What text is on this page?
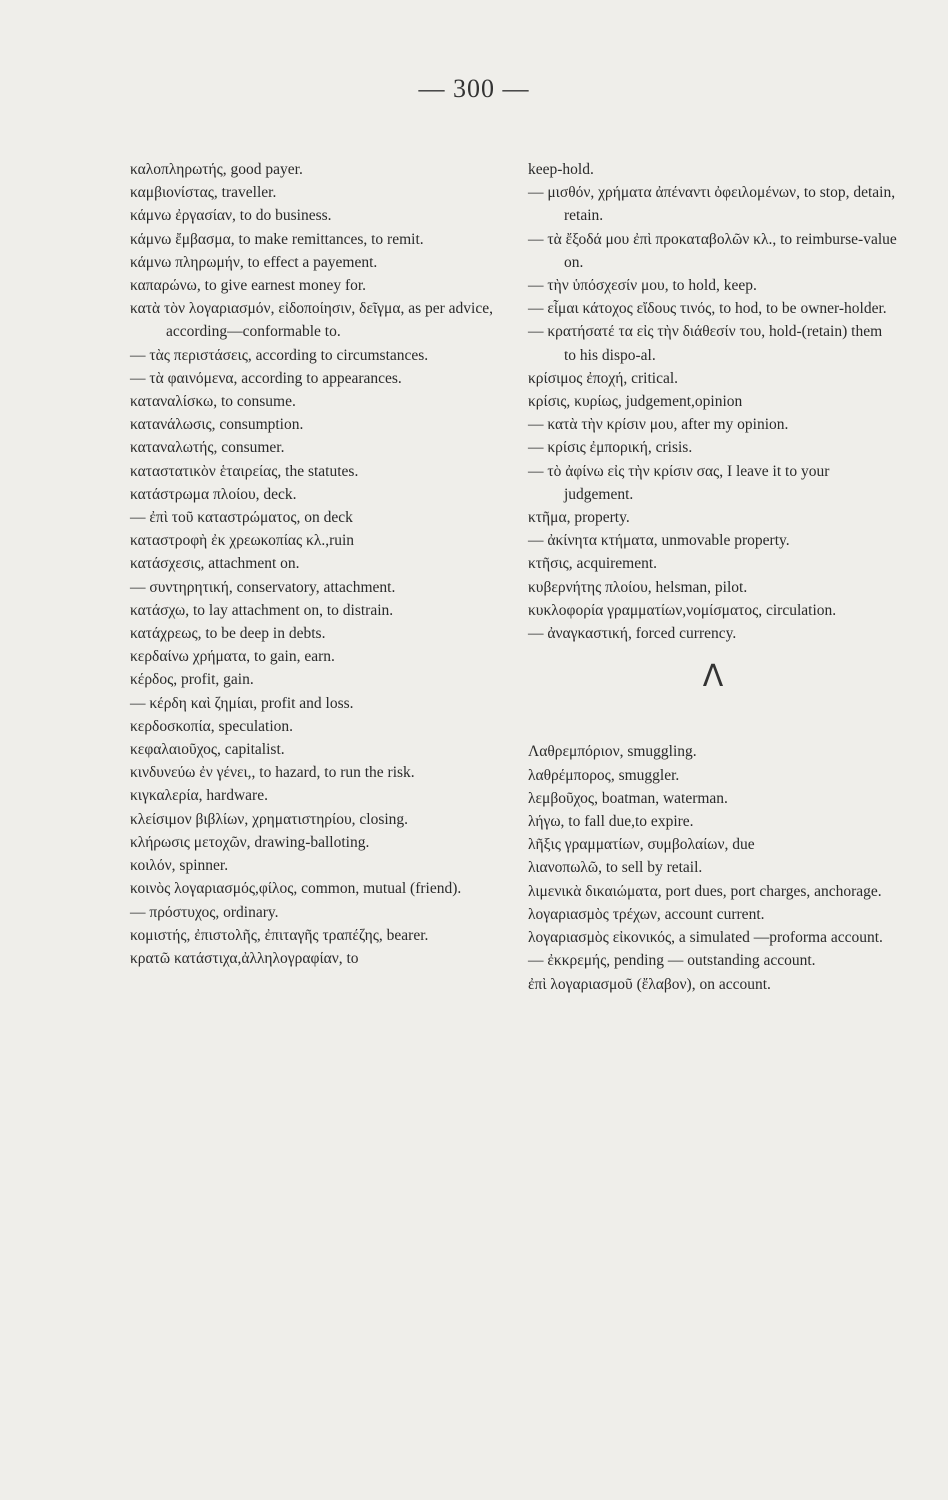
— 300 —

καλοπληρωτής, good payer.

καμβιονίστας, traveller.

κάμνω ἐργασίαν, to do business.

κάμνω ἔμβασμα, to make remittances, to remit.

κάμνω πληρωμήν, to effect a payement.

καπαρώνω, to give earnest money for.

κατὰ τὸν λογαριασμόν, εἰδοποίησιν, δεῖγμα, as per advice, according—conformable to.

— τὰς περιστάσεις, according to circumstances.

— τὰ φαινόμενα, according to appearances.

καταναλίσκω, to consume.

κατανάλωσις, consumption.

καταναλωτής, consumer.

καταστατικὸν ἑταιρείας, the statutes.

κατάστρωμα πλοίου, deck.

— ἐπὶ τοῦ καταστρώματος, on deck

καταστροφὴ ἐκ χρεωκοπίας κλ.,ruin

κατάσχεσις, attachment on.

— συντηρητική, conservatory, attachment.

κατάσχω, to lay attachment on, to distrain.

κατάχρεως, to be deep in debts.

κερδαίνω χρήματα, to gain, earn.

κέρδος, profit, gain.

— κέρδη καὶ ζημίαι, profit and loss.

κερδοσκοπία, speculation.

κεφαλαιοῦχος, capitalist.

κινδυνεύω ἐν γένει,, to hazard, to run the risk.

κιγκαλερία, hardware.

κλείσιμον βιβλίων, χρηματιστηρίου, closing.

κλήρωσις μετοχῶν, drawing-balloting.

κοιλόν, spinner.

κοινὸς λογαριασμός,φίλος, common, mutual (friend).

— πρόστυχος, ordinary.

κομιστής, ἐπιστολῆς, ἐπιταγῆς τραπέζης, bearer.

κρατῶ κατάστιχα,ἀλληλογραφίαν, to

keep-hold.

— μισθόν, χρήματα ἀπέναντι ὀφειλομένων, to stop, detain, retain.

— τὰ ἔξοδά μου ἐπὶ προκαταβολῶν κλ., to reimburse-value on.

— τὴν ὑπόσχεσίν μου, to hold, keep.

— εἶμαι κάτοχος εἴδους τινός, to hod, to be owner-holder.

— κρατήσατέ τα εἰς τὴν διάθεσίν του, hold-(retain) them to his dispo-al.

κρίσιμος ἐποχή, critical.

κρίσις, κυρίως, judgement,opinion

— κατὰ τὴν κρίσιν μου, after my opinion.

— κρίσις ἐμπορική, crisis.

— τὸ ἀφίνω εἰς τὴν κρίσιν σας, I leave it to your judgement.

κτῆμα, property.

— ἀκίνητα κτήματα, unmovable property.

κτῆσις, acquirement.

κυβερνήτης πλοίου, helsman, pilot.

κυκλοφορία γραμματίων,νομίσματος, circulation.

— ἀναγκαστική, forced currency.

Λ

Λαθρεμπόριον, smuggling.

λαθρέμπορος, smuggler.

λεμβοῦχος, boatman, waterman.

λήγω, to fall due,to expire.

λῆξις γραμματίων, συμβολαίων, due

λιανοπωλῶ, to sell by retail.

λιμενικὰ δικαιώματα, port dues, port charges, anchorage.

λογαριασμὸς τρέχων, account current.

λογαριασμὸς εἰκονικός, a simulated —proforma account.

— ἐκκρεμής, pending — outstanding account.

ἐπὶ λογαριασμοῦ (ἔλαβον), on account.
